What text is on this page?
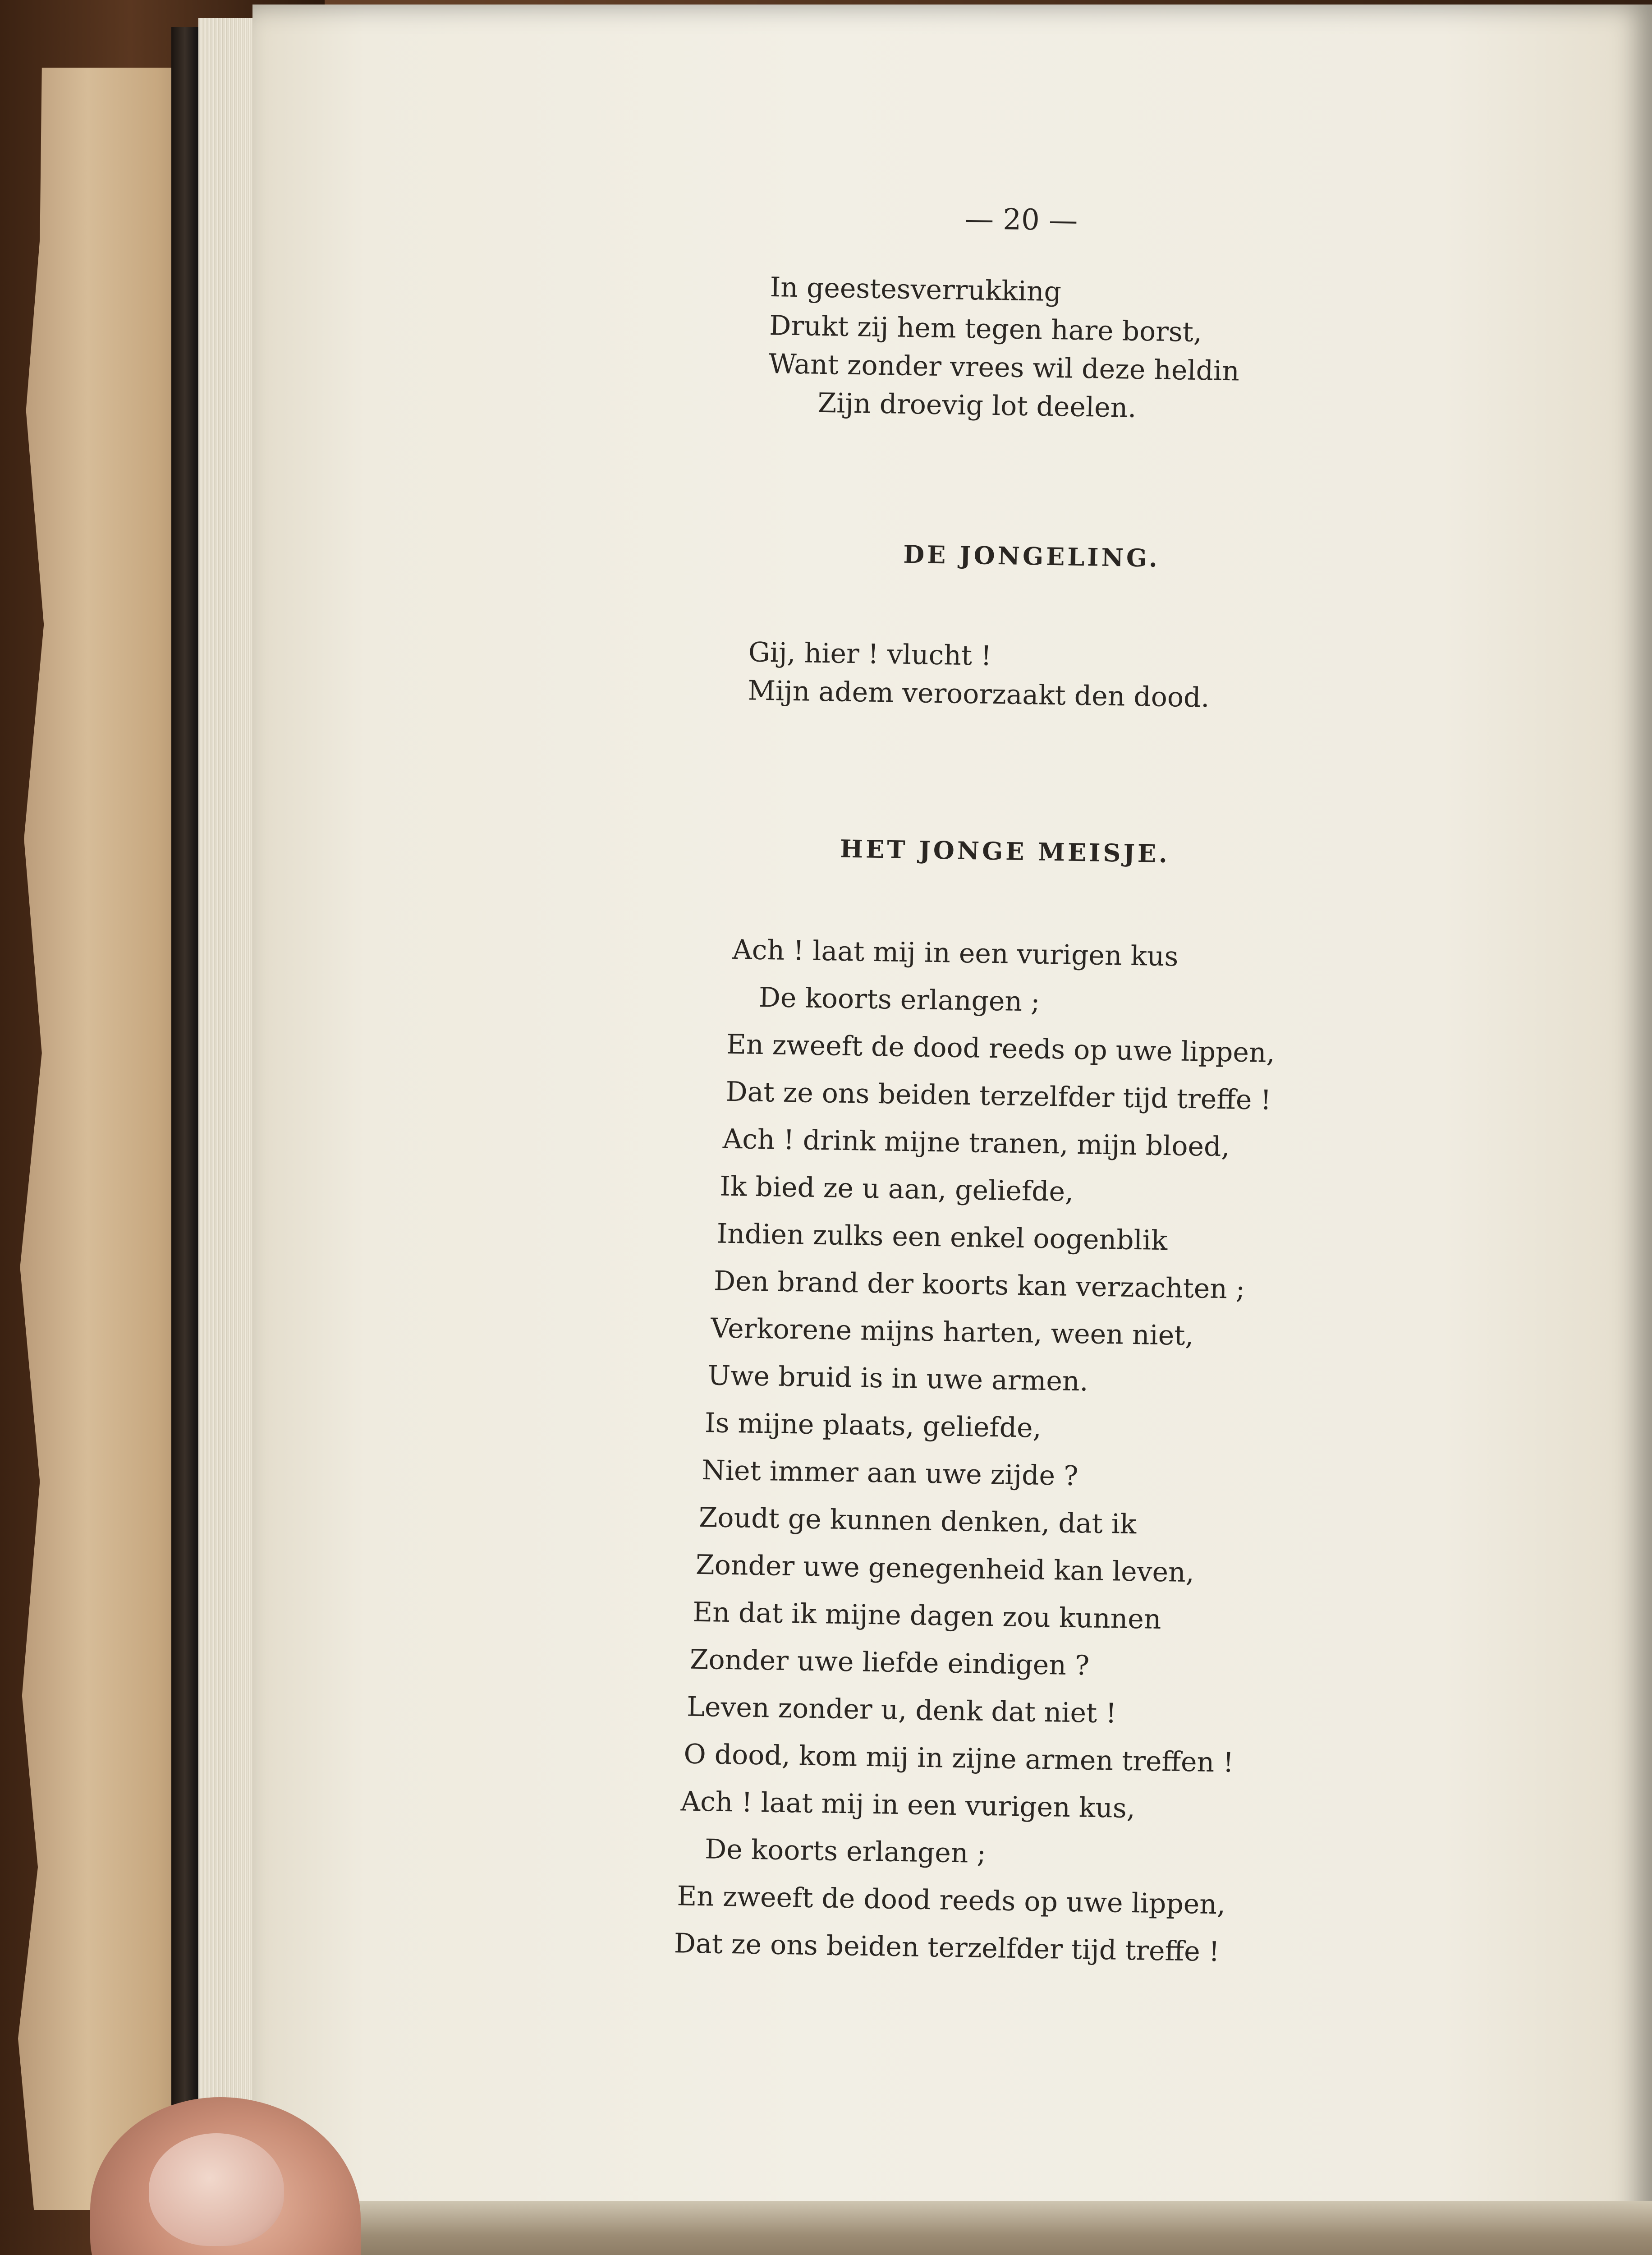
— 20 —
In geestesverrukking
Drukt zij hem tegen hare borst,
Want zonder vrees wil deze heldin
Zijn droevig lot deelen.
DE JONGELING.
Gij, hier ! vlucht !
Mijn adem veroorzaakt den dood.
HET JONGE MEISJE.
Ach ! laat mij in een vurigen kus
De koorts erlangen ;
En zweeft de dood reeds op uwe lippen,
Dat ze ons beiden terzelfder tijd treffe !
Ach ! drink mijne tranen, mijn bloed,
Ik bied ze u aan, geliefde,
Indien zulks een enkel oogenblik
Den brand der koorts kan verzachten ;
Verkorene mijns harten, ween niet,
Uwe bruid is in uwe armen.
Is mijne plaats, geliefde,
Niet immer aan uwe zijde ?
Zoudt ge kunnen denken, dat ik
Zonder uwe genegenheid kan leven,
En dat ik mijne dagen zou kunnen
Zonder uwe liefde eindigen ?
Leven zonder u, denk dat niet !
O dood, kom mij in zijne armen treffen !
Ach ! laat mij in een vurigen kus,
De koorts erlangen ;
En zweeft de dood reeds op uwe lippen,
Dat ze ons beiden terzelfder tijd treffe !
